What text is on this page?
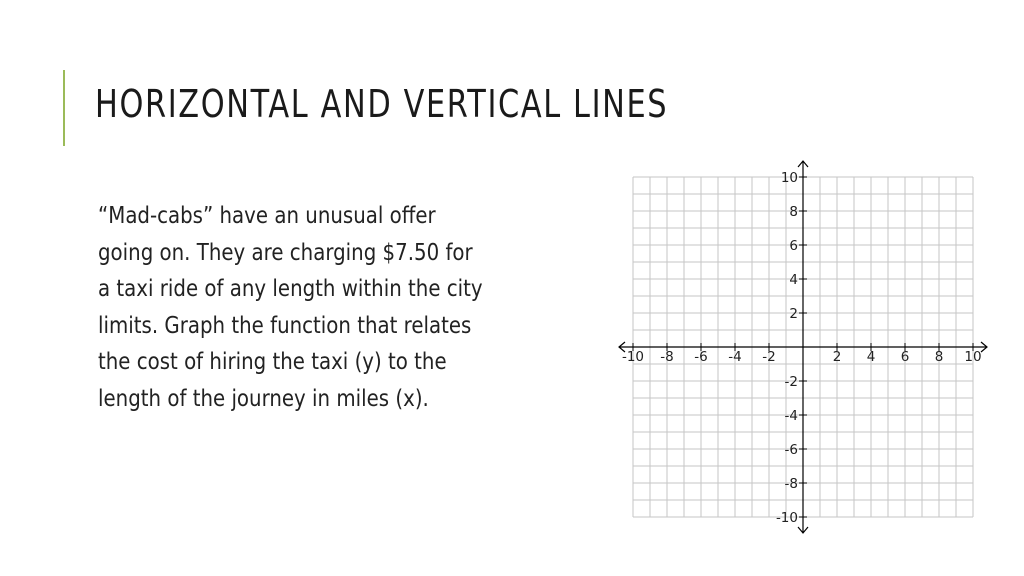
HORIZONTAL AND VERTICAL LINES
“Mad-cabs” have an unusual offer
going on. They are charging $7.50 for
a taxi ride of any length within the city
limits. Graph the function that relates
the cost of hiring the taxi (y) to the
length of the journey in miles (x).
-10 -8 -6 -4 -2	2 4 6 8 10
10
8
6
4
2
-2
-4
-6
-8
-10
